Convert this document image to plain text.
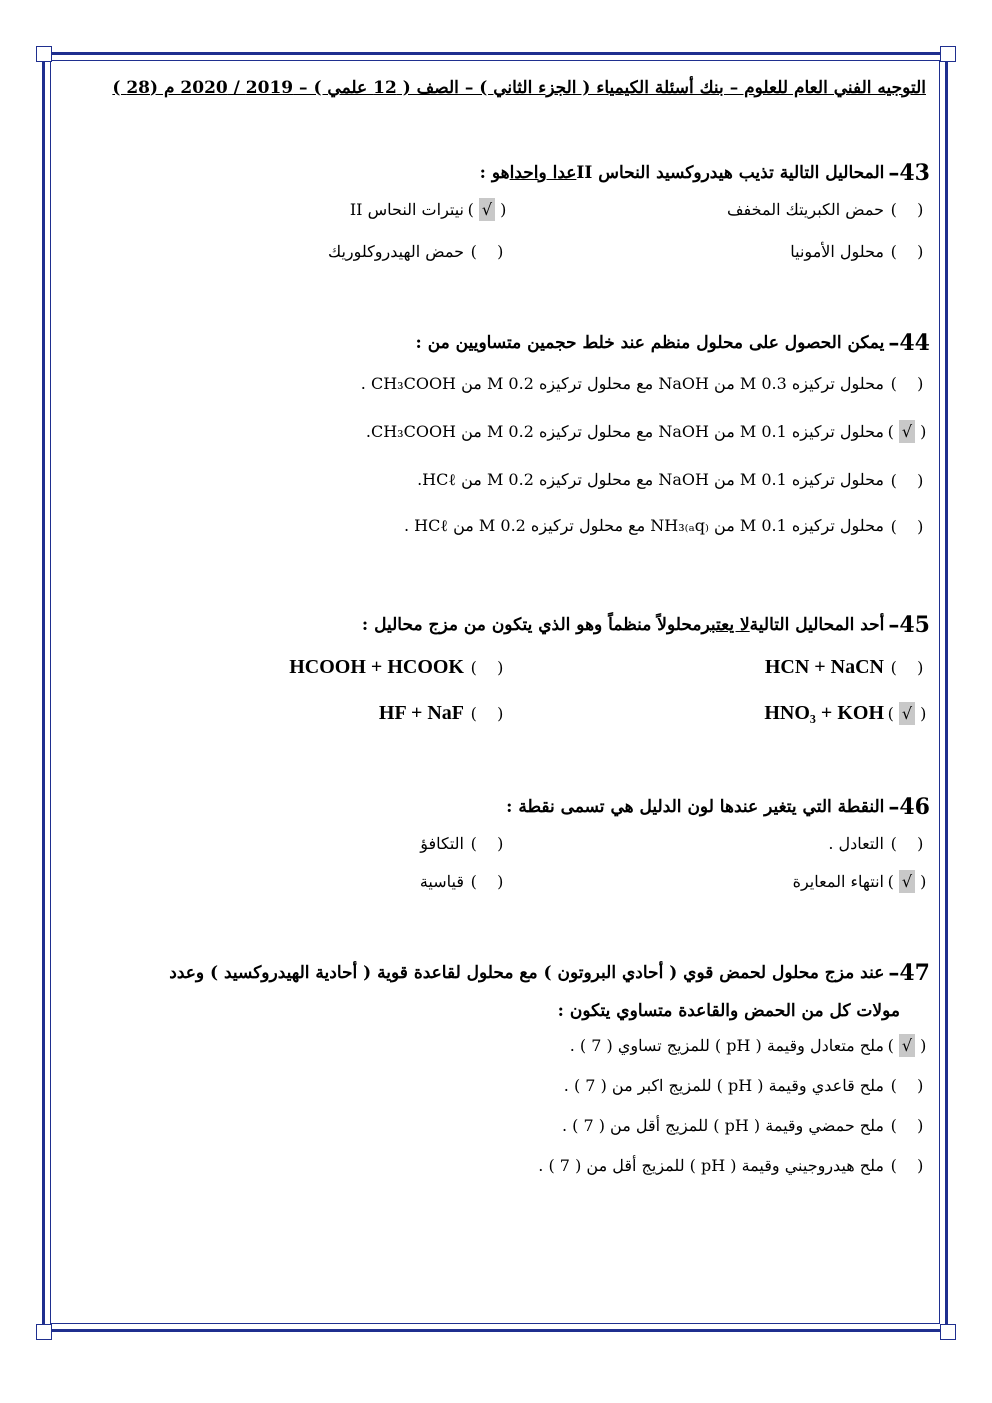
التوجيه الفني العام للعلوم – بنك أسئلة الكيمياء ( الجزء الثاني ) – الصف ( 12 علمي ) – 2019 / 2020 م (28 )
43–
المحاليل التالية تذيب هيدروكسيد النحاس II
عدا واحدا
هو :
(    )
حمض الكبريتك المخفف
( √ )
نيترات النحاس II
(    )
محلول الأمونيا
(    )
حمض الهيدروكلوريك
44–
يمكن الحصول على محلول منظم عند خلط حجمين متساويين من :
(    )
محلول تركيزه 0.3 M من NaOH مع محلول تركيزه 0.2 M من CH₃COOH .
( √ )
محلول تركيزه 0.1 M من NaOH مع محلول تركيزه 0.2 M من CH₃COOH.
(    )
محلول تركيزه 0.1 M من NaOH مع محلول تركيزه 0.2 M من HCℓ.
(    )
محلول تركيزه 0.1 M من NH₃₍ₐq₎ مع محلول تركيزه 0.2 M من HCℓ .
45–
أحد المحاليل التالية
لا يعتبر
محلولاً منظماً وهو الذي يتكون من مزج محاليل :
(    )
HCN + NaCN
(    )
HCOOH + HCOOK
( √ )
HNO₃ + KOH
(    )
HF + NaF
46–
النقطة التي يتغير عندها لون الدليل هي تسمى نقطة :
(    )
التعادل .
(    )
التكافؤ
( √ )
انتهاء المعايرة
(    )
قياسية
47–
عند مزج محلول لحمض قوي ( أحادي البروتون ) مع محلول لقاعدة قوية ( أحادية الهيدروكسيد ) وعدد
مولات كل من الحمض والقاعدة متساوي يتكون :
( √ )
ملح متعادل وقيمة ( pH ) للمزيج تساوي ( 7 ) .
(    )
ملح قاعدي وقيمة ( pH ) للمزيج اكبر من ( 7 ) .
(    )
ملح حمضي وقيمة ( pH ) للمزيج أقل من ( 7 ) .
(    )
ملح هيدروجيني وقيمة ( pH ) للمزيج أقل من ( 7 ) .
